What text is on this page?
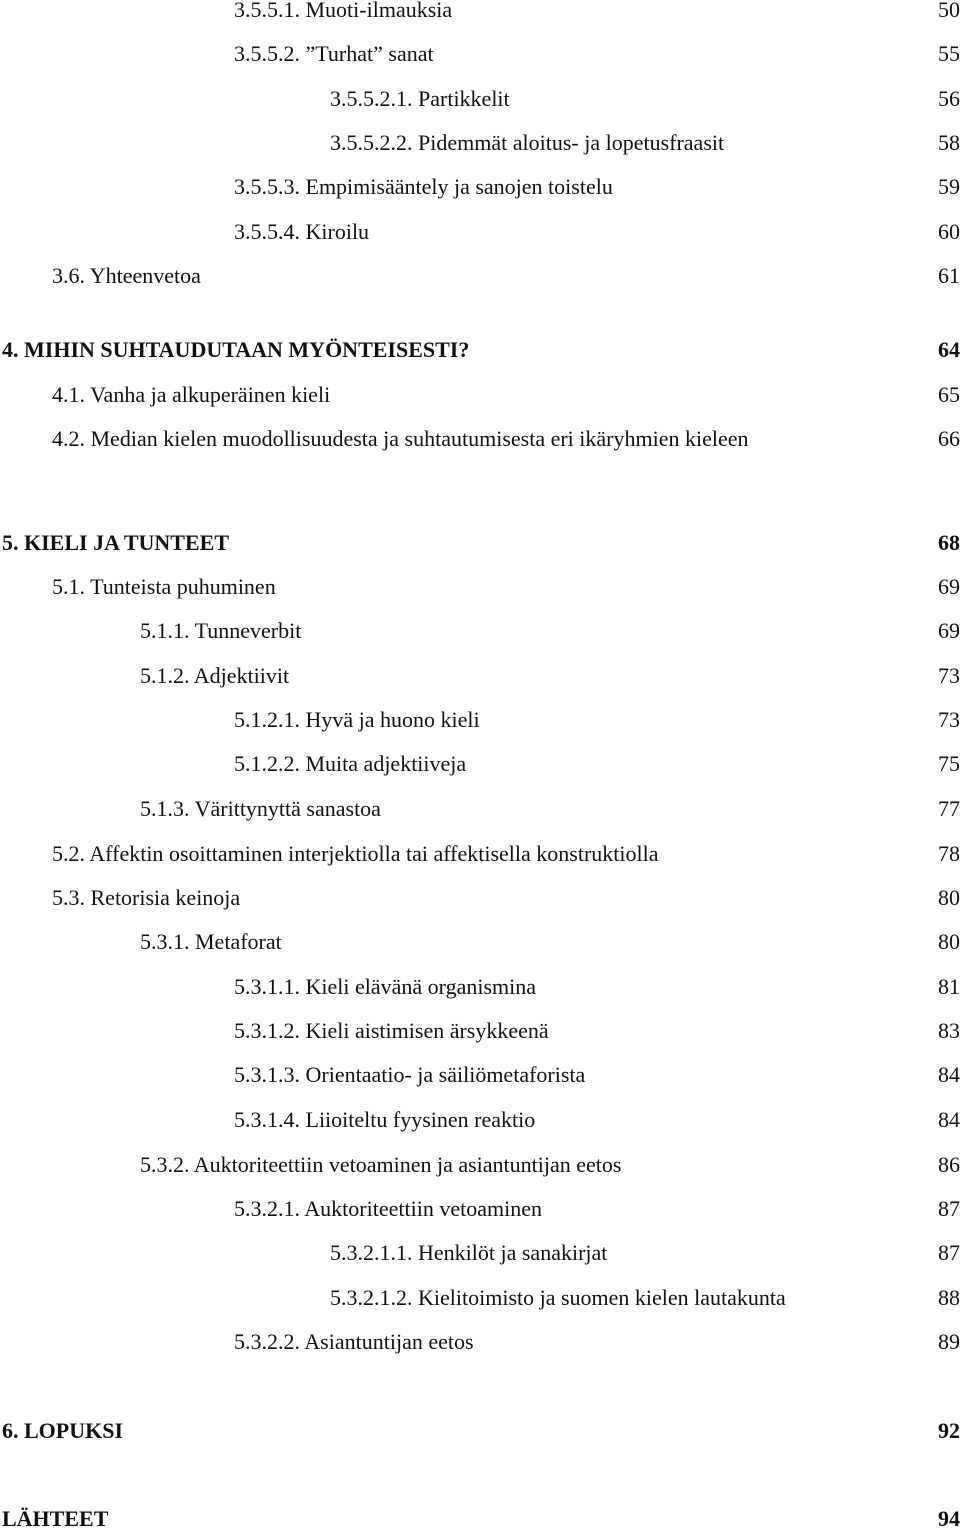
3.5.5.1. Muoti-ilmauksia	50
3.5.5.2. ”Turhat” sanat	55
3.5.5.2.1. Partikkelit	56
3.5.5.2.2. Pidemmät aloitus- ja lopetusfraasit	58
3.5.5.3. Empimisääntely ja sanojen toistelu	59
3.5.5.4. Kiroilu	60
3.6. Yhteenvetoa	61
4. MIHIN SUHTAUDUTAAN MYÖNTEISESTI?	64
4.1. Vanha ja alkuperäinen kieli	65
4.2. Median kielen muodollisuudesta ja suhtautumisesta eri ikäryhmien kieleen	66
5. KIELI JA TUNTEET	68
5.1. Tunteista puhuminen	69
5.1.1. Tunneverbit	69
5.1.2. Adjektiivit	73
5.1.2.1. Hyvä ja huono kieli	73
5.1.2.2. Muita adjektiiveja	75
5.1.3. Värittynyttä sanastoa	77
5.2. Affektin osoittaminen interjektiolla tai affektisella konstruktiolla	78
5.3. Retorisia keinoja	80
5.3.1. Metaforat	80
5.3.1.1. Kieli elävänä organismina	81
5.3.1.2. Kieli aistimisen ärsykkeenä	83
5.3.1.3. Orientaatio- ja säiliömetaforista	84
5.3.1.4. Liioiteltu fyysinen reaktio	84
5.3.2. Auktoriteettiin vetoaminen ja asiantuntijan eetos	86
5.3.2.1. Auktoriteettiin vetoaminen	87
5.3.2.1.1. Henkilöt ja sanakirjat	87
5.3.2.1.2. Kielitoimisto ja suomen kielen lautakunta	88
5.3.2.2. Asiantuntijan eetos	89
6. LOPUKSI	92
LÄHTEET	94
